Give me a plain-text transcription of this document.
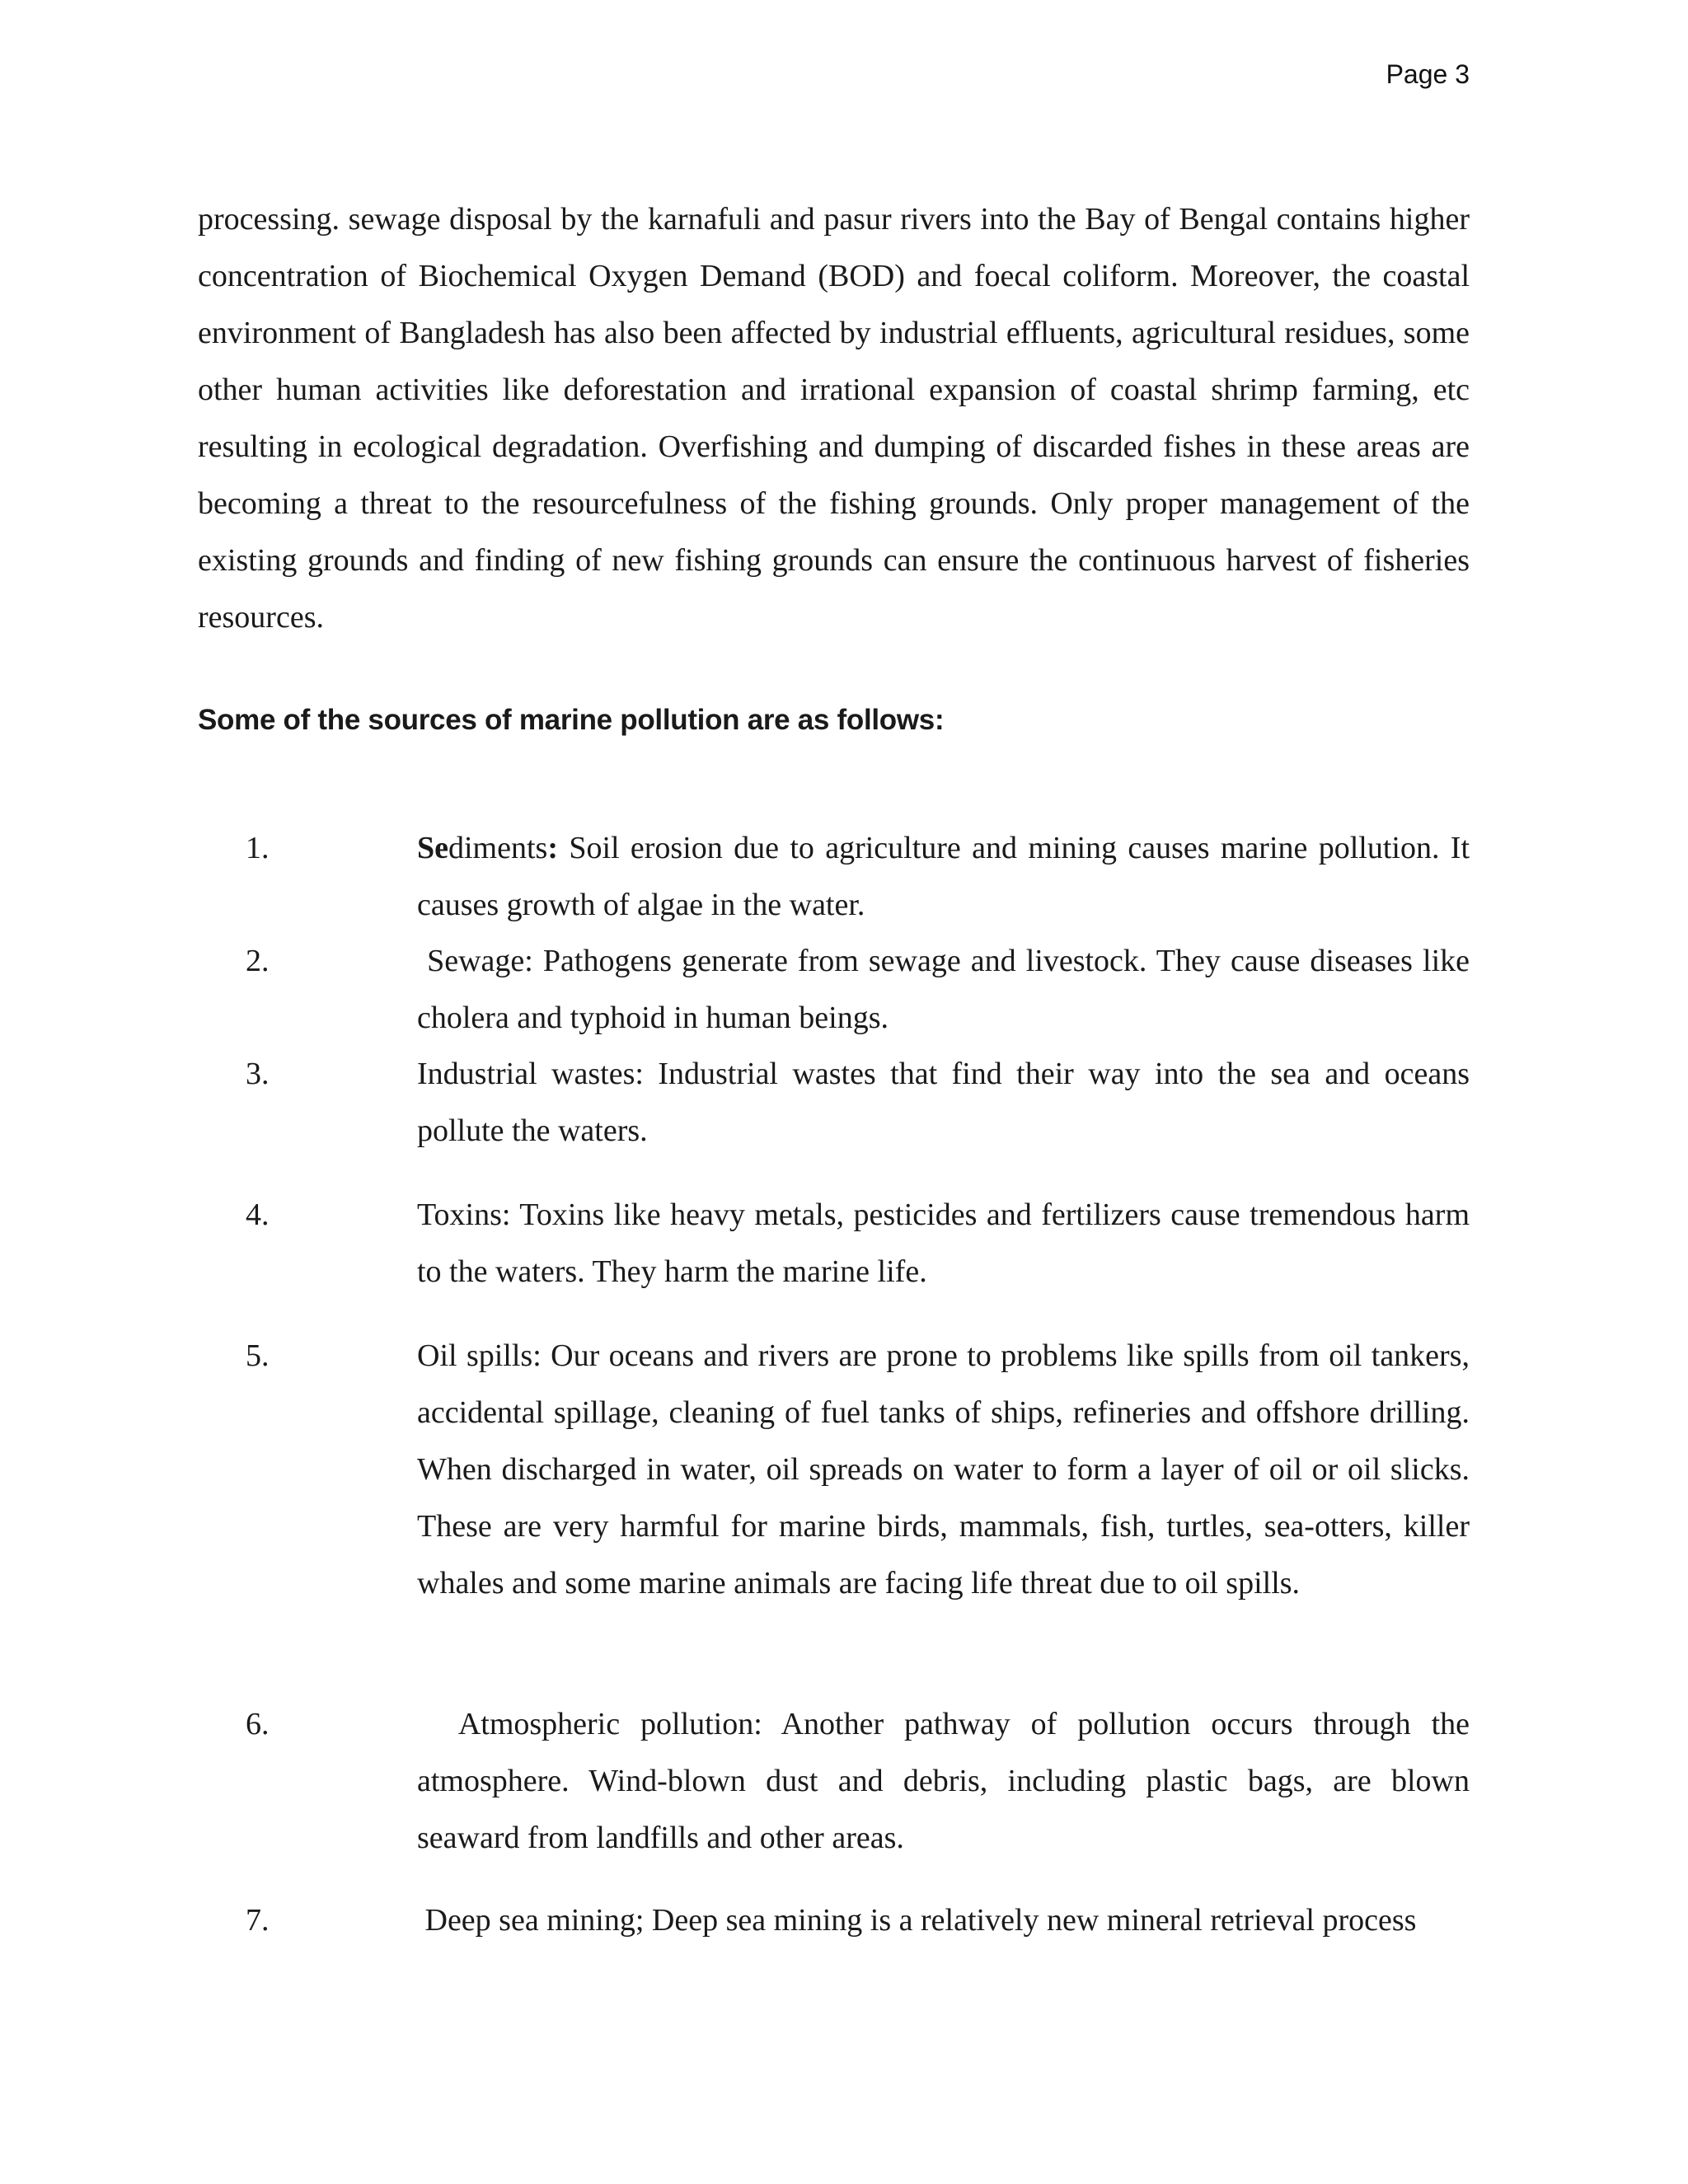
Page 3

processing. sewage disposal by the karnafuli and pasur rivers into the Bay of Bengal contains higher concentration of Biochemical Oxygen Demand (BOD) and foecal coliform. Moreover, the coastal environment of Bangladesh has also been affected by industrial effluents, agricultural residues, some other human activities like deforestation and irrational expansion of coastal shrimp farming, etc resulting in ecological degradation. Overfishing and dumping of discarded fishes in these areas are becoming a threat to the resourcefulness of the fishing grounds. Only proper management of the existing grounds and finding of new fishing grounds can ensure the continuous harvest of fisheries resources.

Some of the sources of marine pollution are as follows:
1.	Sediments: Soil erosion due to agriculture and mining causes marine pollution. It causes growth of algae in the water.

2.	Sewage: Pathogens generate from sewage and livestock. They cause diseases like cholera and typhoid in human beings.

3.	Industrial wastes: Industrial wastes that find their way into the sea and oceans pollute the waters.

4.	Toxins: Toxins like heavy metals, pesticides and fertilizers cause tremendous harm to the waters. They harm the marine life.

5.	Oil spills: Our oceans and rivers are prone to problems like spills from oil tankers, accidental spillage, cleaning of fuel tanks of ships, refineries and offshore drilling. When discharged in water, oil spreads on water to form a layer of oil or oil slicks. These are very harmful for marine birds, mammals, fish, turtles, sea-otters, killer whales and some marine animals are facing life threat due to oil spills.

6.	Atmospheric pollution: Another pathway of pollution occurs through the atmosphere. Wind-blown dust and debris, including plastic bags, are blown seaward from landfills and other areas.

7.	Deep sea mining; Deep sea mining is a relatively new mineral retrieval process
